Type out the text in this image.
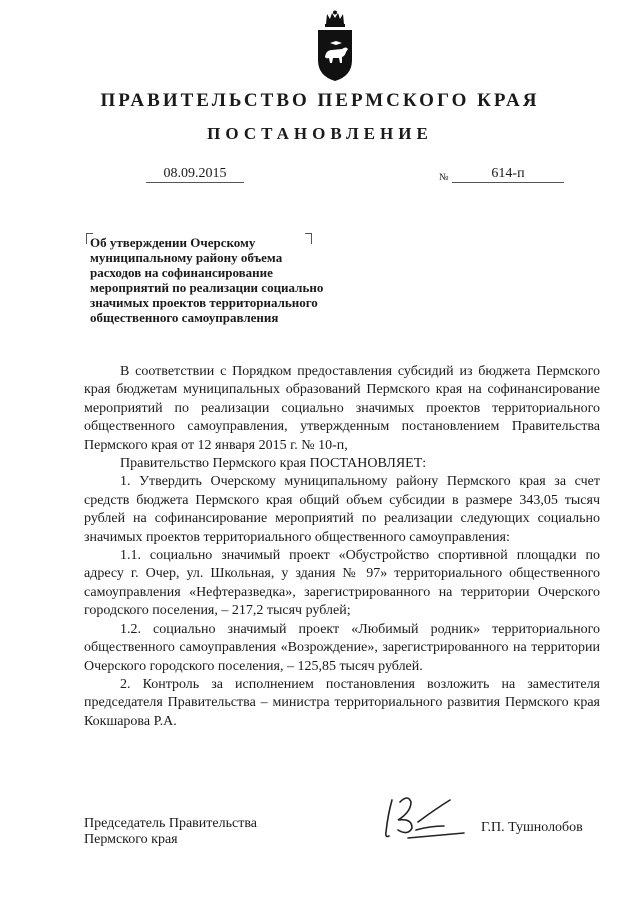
ПРАВИТЕЛЬСТВО ПЕРМСКОГО КРАЯ
ПОСТАНОВЛЕНИЕ
08.09.2015	№	614-п
Об утверждении Очерскому муниципальному району объема расходов на софинансирование мероприятий по реализации социально значимых проектов территориального общественного самоуправления

В соответствии с Порядком предоставления субсидий из бюджета Пермского края бюджетам муниципальных образований Пермского края на софинансирование мероприятий по реализации социально значимых проектов территориального общественного самоуправления, утвержденным постановлением Правительства Пермского края от 12 января 2015 г. № 10-п,

Правительство Пермского края ПОСТАНОВЛЯЕТ:

1. Утвердить Очерскому муниципальному району Пермского края за счет средств бюджета Пермского края общий объем субсидии в размере 343,05 тысяч рублей на софинансирование мероприятий по реализации следующих социально значимых проектов территориального общественного самоуправления:

1.1. социально значимый проект «Обустройство спортивной площадки по адресу г. Очер, ул. Школьная, у здания № 97» территориального общественного самоуправления «Нефтеразведка», зарегистрированного на территории Очерского городского поселения, – 217,2 тысяч рублей;

1.2. социально значимый проект «Любимый родник» территориального общественного самоуправления «Возрождение», зарегистрированного на территории Очерского городского поселения, – 125,85 тысяч рублей.

2. Контроль за исполнением постановления возложить на заместителя председателя Правительства – министра территориального развития Пермского края Кокшарова Р.А.

Председатель Правительства
Пермского края
Г.П. Тушнолобов
